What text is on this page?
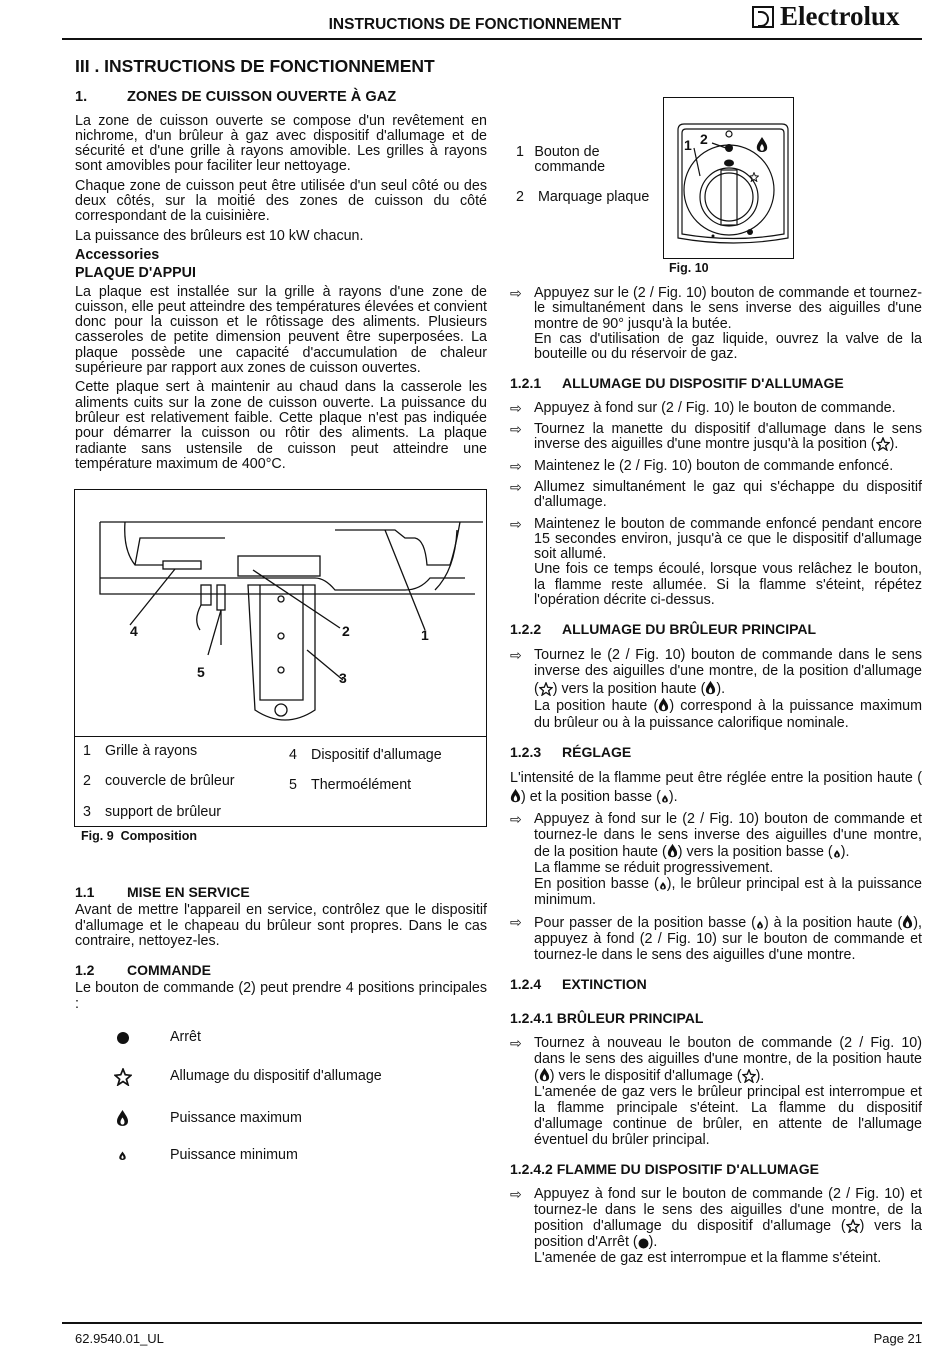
INSTRUCTIONS DE FONCTIONNEMENT	Electrolux
III . INSTRUCTIONS DE FONCTIONNEMENT
1.	ZONES DE CUISSON OUVERTE À GAZ

La zone de cuisson ouverte se compose d'un revêtement en nichrome, d'un brûleur à gaz avec dispositif d'allumage et de sécurité et d'une grille à rayons amovible. Les grilles à rayons sont amovibles pour faciliter leur nettoyage.

Chaque zone de cuisson peut être utilisée d'un seul côté ou des deux côtés, sur la moitié des zones de cuisson du côté correspondant de la cuisinière.

La puissance des brûleurs est 10 kW chacun.

Accessories

PLAQUE D'APPUI

La plaque est installée sur la grille à rayons d'une zone de cuisson, elle peut atteindre des températures élevées et convient donc pour la cuisson et le rôtissage des aliments. Plusieurs casseroles de petite dimension peuvent être superposées. La plaque possède une capacité d'accumulation de chaleur supérieure par rapport aux zones de cuisson ouvertes.

Cette plaque sert à maintenir au chaud dans la casserole les aliments cuits sur la zone de cuisson ouverte. La puissance du brûleur est relativement faible. Cette plaque n'est pas indiquée pour démarrer la cuisson ou rôtir des aliments. La plaque radiante sans ustensile de cuisson peut atteindre une température maximum de 400°C.

4	2	1
5	3
1 Grille à rayons
2 couvercle de brûleur
3 support de brûleur
4 Dispositif d'allumage
5 Thermoélément
Fig. 9 Composition
1.1 MISE EN SERVICE

Avant de mettre l'appareil en service, contrôlez que le dispositif d'allumage et le chapeau du brûleur sont propres. Dans le cas contraire, nettoyez-les.

1.2 COMMANDE

Le bouton de commande (2) peut prendre 4 positions principales :

Arrêt
Allumage du dispositif d'allumage
Puissance maximum
Puissance minimum
1 Bouton de commande
2 Marquage plaque
1 2
Fig. 10
⇨ Appuyez sur le (2 / Fig. 10) bouton de commande et tournez-le simultanément dans le sens inverse des aiguilles d'une montre de 90° jusqu'à la butée.
En cas d'utilisation de gaz liquide, ouvrez la valve de la bouteille ou du réservoir de gaz.
1.2.1 ALLUMAGE DU DISPOSITIF D'ALLUMAGE
⇨ Appuyez à fond sur (2 / Fig. 10) le bouton de commande.
⇨ Tournez la manette du dispositif d'allumage dans le sens inverse des aiguilles d'une montre jusqu'à la position ( ).
⇨ Maintenez le (2 / Fig. 10) bouton de commande enfoncé.
⇨ Allumez simultanément le gaz qui s'échappe du dispositif d'allumage.
⇨ Maintenez le bouton de commande enfoncé pendant encore 15 secondes environ, jusqu'à ce que le dispositif d'allumage soit allumé.
Une fois ce temps écoulé, lorsque vous relâchez le bouton, la flamme reste allumée. Si la flamme s'éteint, répétez l'opération décrite ci-dessus.
1.2.2 ALLUMAGE DU BRÛLEUR PRINCIPAL
⇨ Tournez le (2 / Fig. 10) bouton de commande dans le sens inverse des aiguilles d'une montre, de la position d'allumage ( ) vers la position haute ( ).
La position haute ( ) correspond à la puissance maximum du brûleur ou à la puissance calorifique nominale.
1.2.3 RÉGLAGE

L'intensité de la flamme peut être réglée entre la position haute () et la position basse ( ).

⇨ Appuyez à fond sur le (2 / Fig. 10) bouton de commande et tournez-le dans le sens inverse des aiguilles d'une montre, de la position haute ( ) vers la position basse ( ).
La flamme se réduit progressivement.
En position basse ( ), le brûleur principal est à la puissance minimum.
⇨ Pour passer de la position basse ( ) à la position haute ( ), appuyez à fond (2 / Fig. 10) sur le bouton de commande et tournez-le dans le sens des aiguilles d'une montre.
1.2.4 EXTINCTION
1.2.4.1 BRÛLEUR PRINCIPAL
⇨ Tournez à nouveau le bouton de commande (2 / Fig. 10) dans le sens des aiguilles d'une montre, de la position haute ( ) vers le dispositif d'allumage ( ).
L'amenée de gaz vers le brûleur principal est interrompue et la flamme principale s'éteint. La flamme du dispositif d'allumage continue de brûler, en attente de l'allumage éventuel du brûler principal.
1.2.4.2 FLAMME DU DISPOSITIF D'ALLUMAGE
⇨ Appuyez à fond sur le bouton de commande (2 / Fig. 10) et tournez-le dans le sens des aiguilles d'une montre, de la position d'allumage du dispositif d'allumage ( ) vers la position d'Arrêt ( ).
L'amenée de gaz est interrompue et la flamme s'éteint.
62.9540.01_UL	Page 21
